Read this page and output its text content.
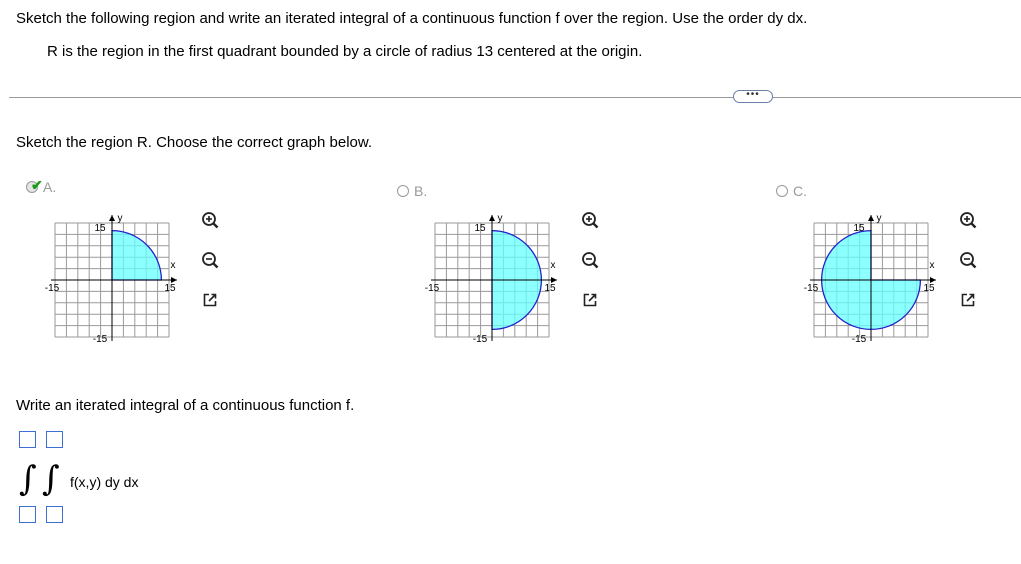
Sketch the following region and write an iterated integral of a continuous function f over the region. Use the order dy dx.
R is the region in the first quadrant bounded by a circle of radius 13 centered at the origin.
•••
Sketch the region R. Choose the correct graph below.
✔ A.	B.	C.
y
x
15
-15
-15	15
y
x
15
-15
-15	15
y
x
15
-15
-15	15
Write an iterated integral of a continuous function f.
∫ ∫ f(x,y) dy dx
